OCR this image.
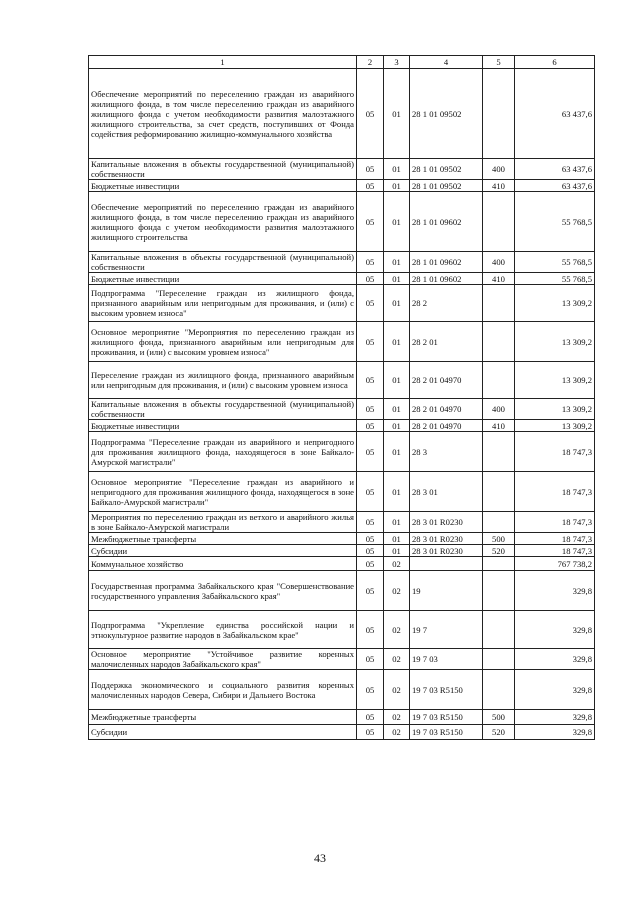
1	2	3	4	5	6
Обеспечение мероприятий по переселению граждан из аварийного жилищного фонда, в том числе переселению граждан из аварийного жилищного фонда с учетом необходимости развития малоэтажного жилищного строительства, за счет средств, поступивших от Фонда содействия реформированию жилищно-коммунального хозяйства	05	01	28 1 01 09502		63 437,6
Капитальные вложения в объекты государственной (муниципальной) собственности	05	01	28 1 01 09502	400	63 437,6
Бюджетные инвестиции	05	01	28 1 01 09502	410	63 437,6
Обеспечение мероприятий по переселению граждан из аварийного жилищного фонда, в том числе переселению граждан из аварийного жилищного фонда с учетом необходимости развития малоэтажного жилищного строительства	05	01	28 1 01 09602		55 768,5
Капитальные вложения в объекты государственной (муниципальной) собственности	05	01	28 1 01 09602	400	55 768,5
Бюджетные инвестиции	05	01	28 1 01 09602	410	55 768,5
Подпрограмма "Переселение граждан из жилищного фонда, признанного аварийным или непригодным для проживания, и (или) с высоким уровнем износа"	05	01	28 2		13 309,2
Основное мероприятие "Мероприятия по переселению граждан из жилищного фонда, признанного аварийным или непригодным для проживания, и (или) с высоким уровнем износа"	05	01	28 2 01		13 309,2
Переселение граждан из жилищного фонда, признанного аварийным или непригодным для проживания, и (или) с высоким уровнем износа	05	01	28 2 01 04970		13 309,2
Капитальные вложения в объекты государственной (муниципальной) собственности	05	01	28 2 01 04970	400	13 309,2
Бюджетные инвестиции	05	01	28 2 01 04970	410	13 309,2
Подпрограмма "Переселение граждан из аварийного и непригодного для проживания жилищного фонда, находящегося в зоне Байкало-Амурской магистрали"	05	01	28 3		18 747,3
Основное мероприятие "Переселение граждан из аварийного и непригодного для проживания жилищного фонда, находящегося в зоне Байкало-Амурской магистрали"	05	01	28 3 01		18 747,3
Мероприятия по переселению граждан из ветхого и аварийного жилья в зоне Байкало-Амурской магистрали	05	01	28 3 01 R0230		18 747,3
Межбюджетные трансферты	05	01	28 3 01 R0230	500	18 747,3
Субсидии	05	01	28 3 01 R0230	520	18 747,3
Коммунальное хозяйство	05	02			767 738,2
Государственная программа Забайкальского края "Совершенствование государственного управления Забайкальского края"	05	02	19		329,8
Подпрограмма "Укрепление единства российской нации и этнокультурное развитие народов в Забайкальском крае"	05	02	19 7		329,8
Основное мероприятие "Устойчивое развитие коренных малочисленных народов Забайкальского края"	05	02	19 7 03		329,8
Поддержка экономического и социального развития коренных малочисленных народов Севера, Сибири и Дальнего Востока	05	02	19 7 03 R5150		329,8
Межбюджетные трансферты	05	02	19 7 03 R5150	500	329,8
Субсидии	05	02	19 7 03 R5150	520	329,8
43
